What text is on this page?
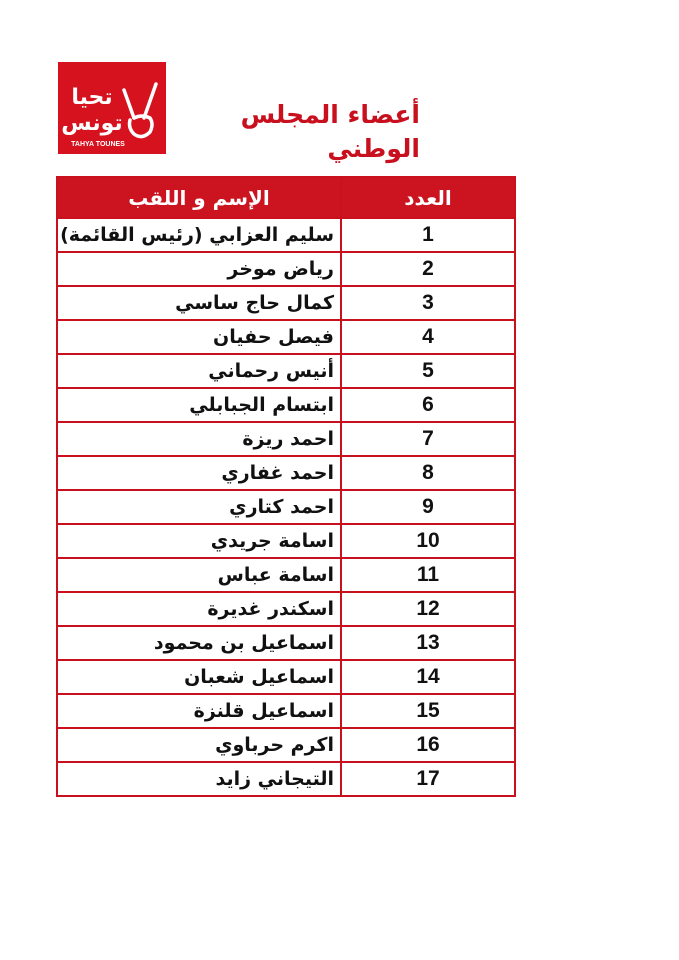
تحيا
تونس
TAHYA TOUNES
أعضاء المجلس الوطني
الإسم و اللقب	العدد
سليم العزابي (رئيس القائمة)	1
رياض موخر	2
كمال حاج ساسي	3
فيصل حفيان	4
أنيس رحماني	5
ابتسام الجبابلي	6
احمد ريزة	7
احمد غفاري	8
احمد كتاري	9
اسامة جريدي	10
اسامة عباس	11
اسكندر غديرة	12
اسماعيل بن محمود	13
اسماعيل شعبان	14
اسماعيل قلنزة	15
اكرم حرباوي	16
التيجاني زايد	17
